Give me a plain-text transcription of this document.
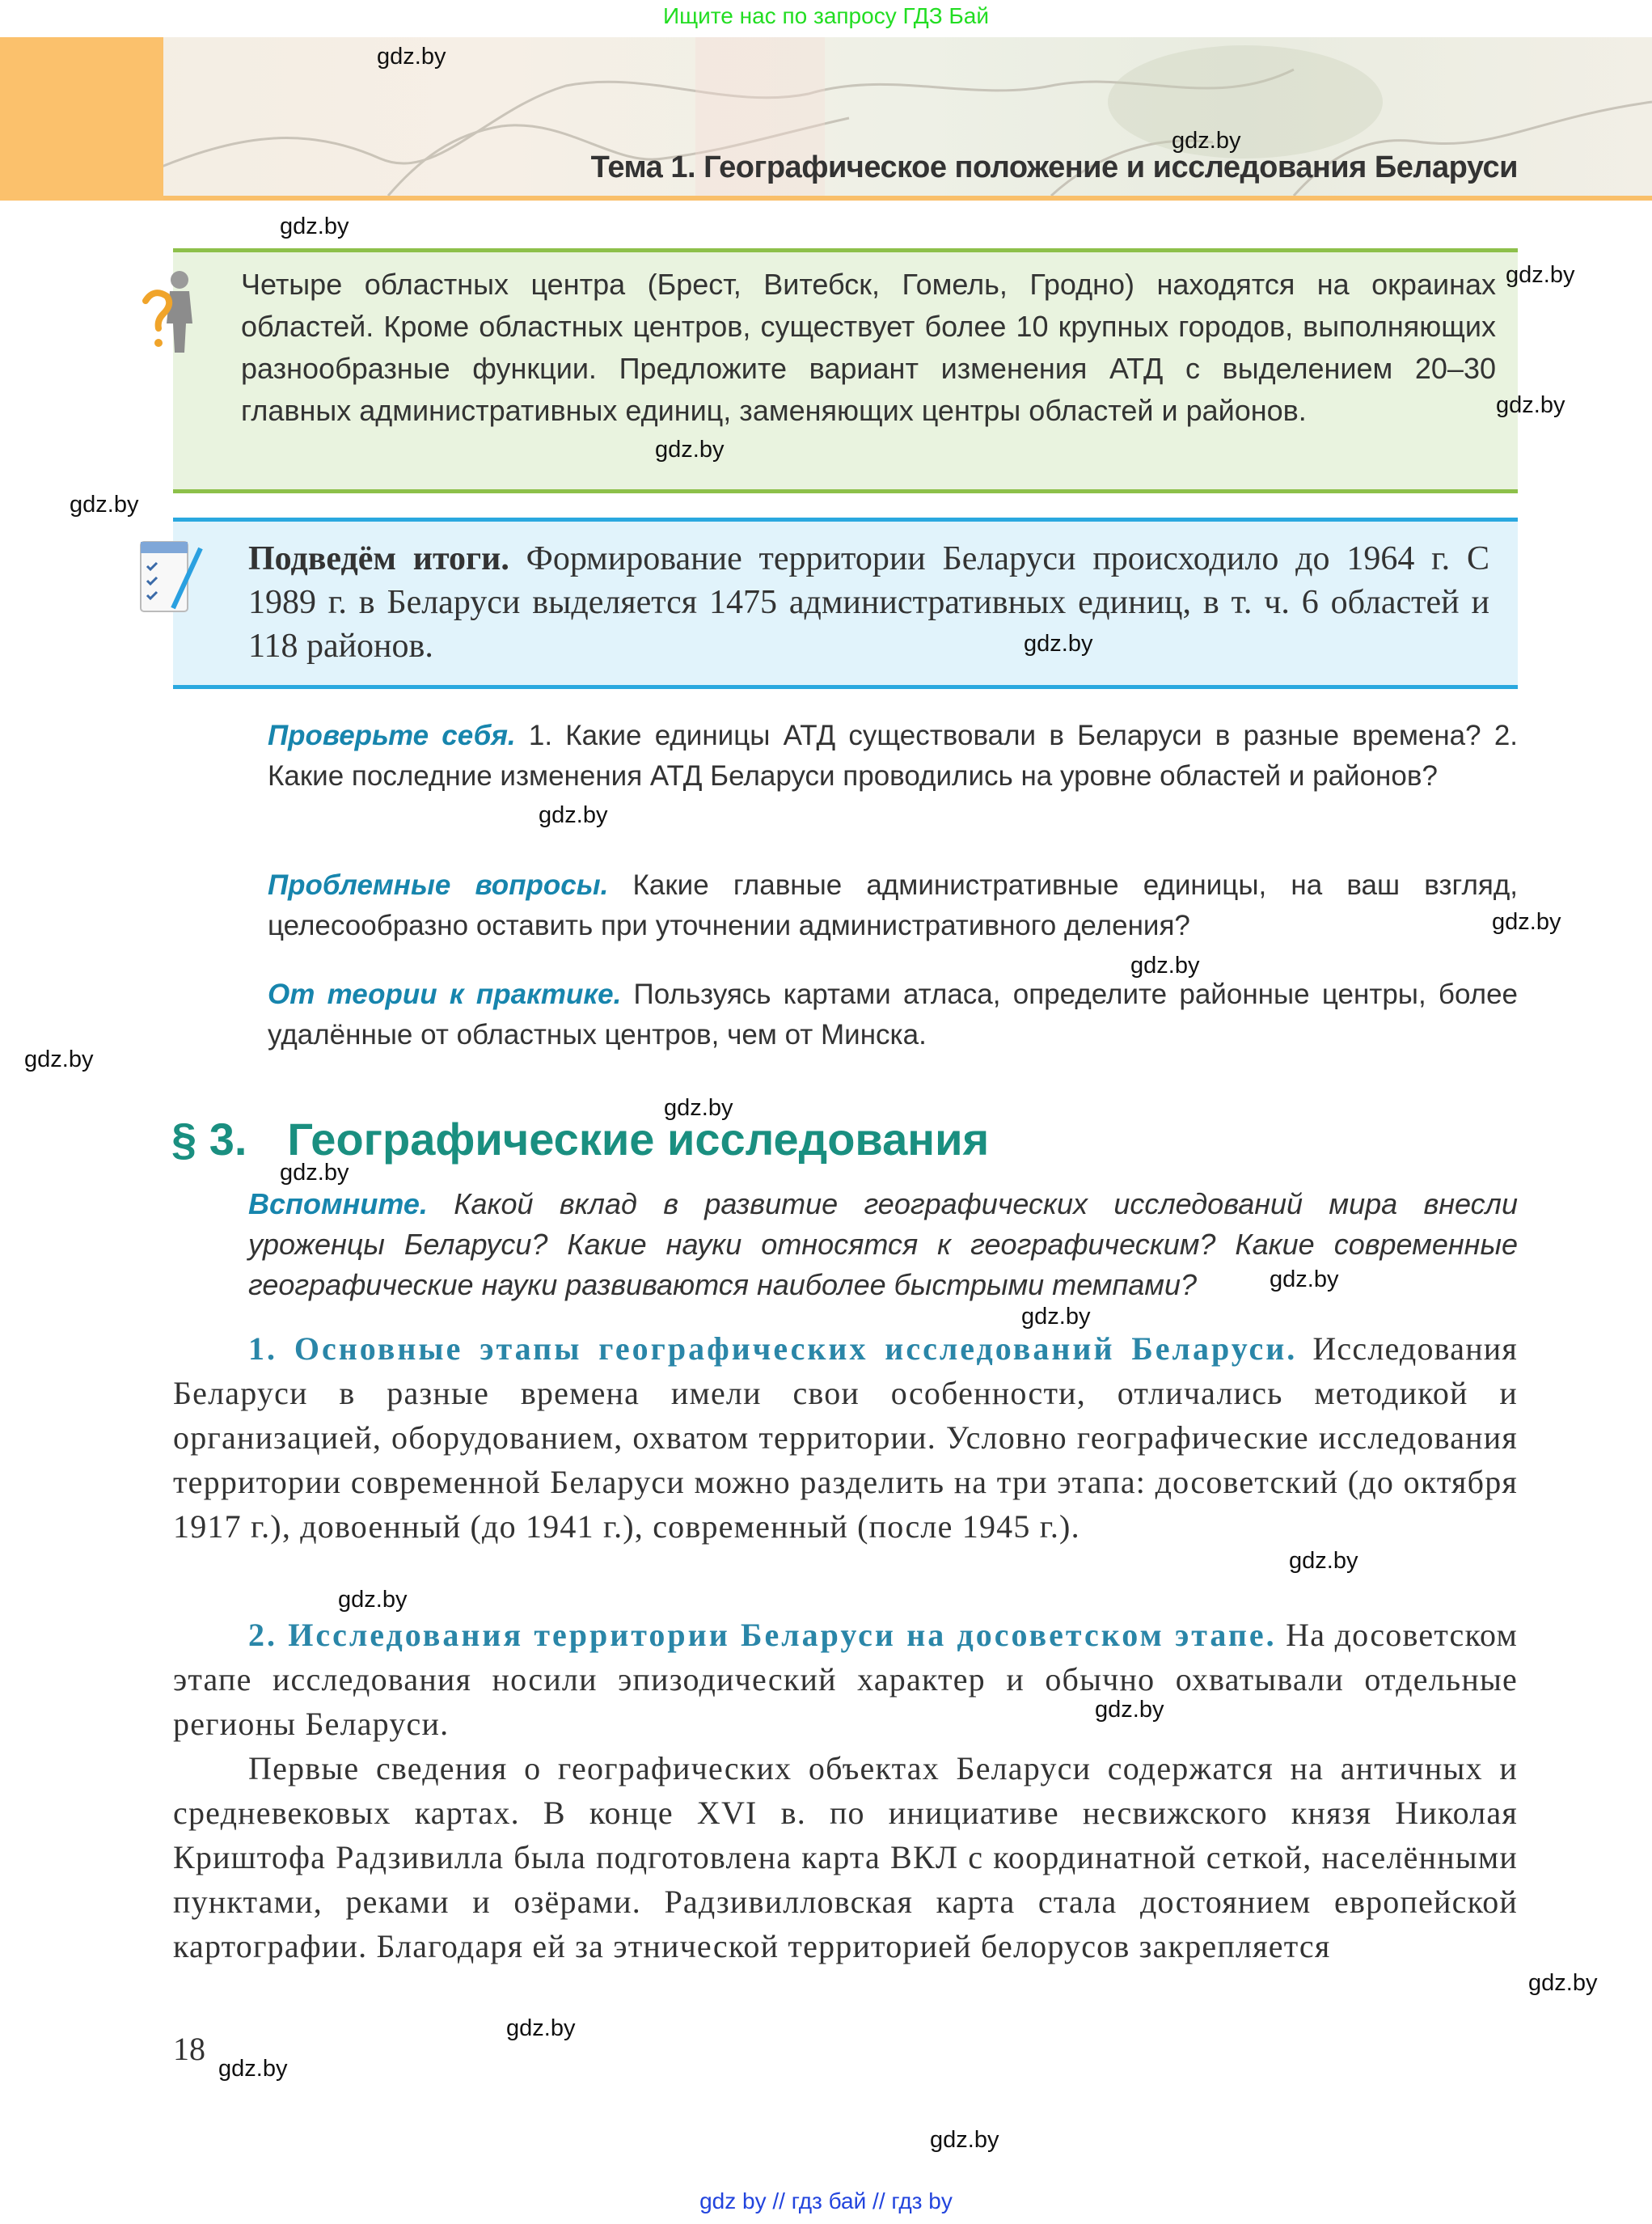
Ищите нас по запросу ГДЗ Бай
Тема 1. Географическое положение и исследования Беларуси
Четыре областных центра (Брест, Витебск, Гомель, Гродно) находятся на окраинах областей. Кроме областных центров, существует более 10 крупных городов, выполняющих разнообразные функции. Предложите вариант изменения АТД с выделением 20–30 главных административных единиц, заменяющих центры областей и районов.
Подведём итоги. Формирование территории Беларуси происходило до 1964 г. С 1989 г. в Беларуси выделяется 1475 административных единиц, в т. ч. 6 областей и 118 районов.
Проверьте себя. 1. Какие единицы АТД существовали в Беларуси в разные времена? 2. Какие последние изменения АТД Беларуси проводились на уровне областей и районов?
Проблемные вопросы. Какие главные административные единицы, на ваш взгляд, целесообразно оставить при уточнении административного деления?
От теории к практике. Пользуясь картами атласа, определите районные центры, более удалённые от областных центров, чем от Минска.
§ 3. Географические исследования
Вспомните. Какой вклад в развитие географических исследований мира внесли уроженцы Беларуси? Какие науки относятся к географическим? Какие современные географические науки развиваются наиболее быстрыми темпами?
1. Основные этапы географических исследований Беларуси. Исследования Беларуси в разные времена имели свои особенности, отличались методикой и организацией, оборудованием, охватом территории. Условно географические исследования территории современной Беларуси можно разделить на три этапа: досоветский (до октября 1917 г.), довоенный (до 1941 г.), современный (после 1945 г.).
2. Исследования территории Беларуси на досоветском этапе. На досоветском этапе исследования носили эпизодический характер и обычно охватывали отдельные регионы Беларуси.
Первые сведения о географических объектах Беларуси содержатся на античных и средневековых картах. В конце XVI в. по инициативе несвижского князя Николая Криштофа Радзивилла была подготовлена карта ВКЛ с координатной сеткой, населёнными пунктами, реками и озёрами. Радзивилловская карта стала достоянием европейской картографии. Благодаря ей за этнической территорией белорусов закрепляется
18
gdz.by
gdz.by
gdz.by
gdz.by
gdz.by
gdz.by
gdz.by
gdz.by
gdz.by
gdz.by
gdz.by
gdz.by
gdz.by
gdz.by
gdz.by
gdz.by
gdz.by
gdz.by
gdz.by
gdz.by
gdz.by
gdz.by
gdz.by
gdz by // гдз бай // гдз by
